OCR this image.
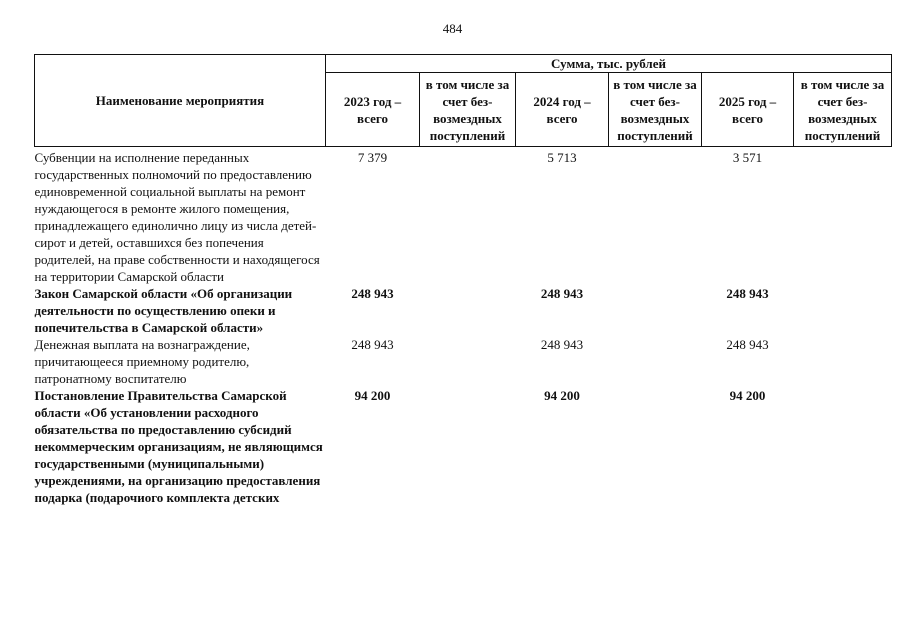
484
Наименование мероприятия	Сумма, тыс. рублей					
	2023 год – всего	в том числе за счет без-возмездных поступлений	2024 год – всего	в том числе за счет без-возмездных поступлений	2025 год – всего	в том числе за счет без-возмездных поступлений
Субвенции на исполнение переданных государственных полномочий по предоставлению единовременной социальной выплаты на ремонт нуждающегося в ремонте жилого помещения, принадлежащего единолично лицу из числа детей-сирот и детей, оставшихся без попечения родителей, на праве собственности и находящегося на территории Самарской области	7 379		5 713		3 571	
Закон Самарской области «Об организации деятельности по осуществлению опеки и попечительства в Самарской области»	248 943		248 943		248 943	
Денежная выплата на вознаграждение, причитающееся приемному родителю, патронатному воспитателю	248 943		248 943		248 943	
Постановление Правительства Самарской области «Об установлении расходного обязательства по предоставлению субсидий некоммерческим организациям, не являющимся государственными (муниципальными) учреждениями, на организацию предоставления подарка (подарочиого комплекта детских	94 200		94 200		94 200	
